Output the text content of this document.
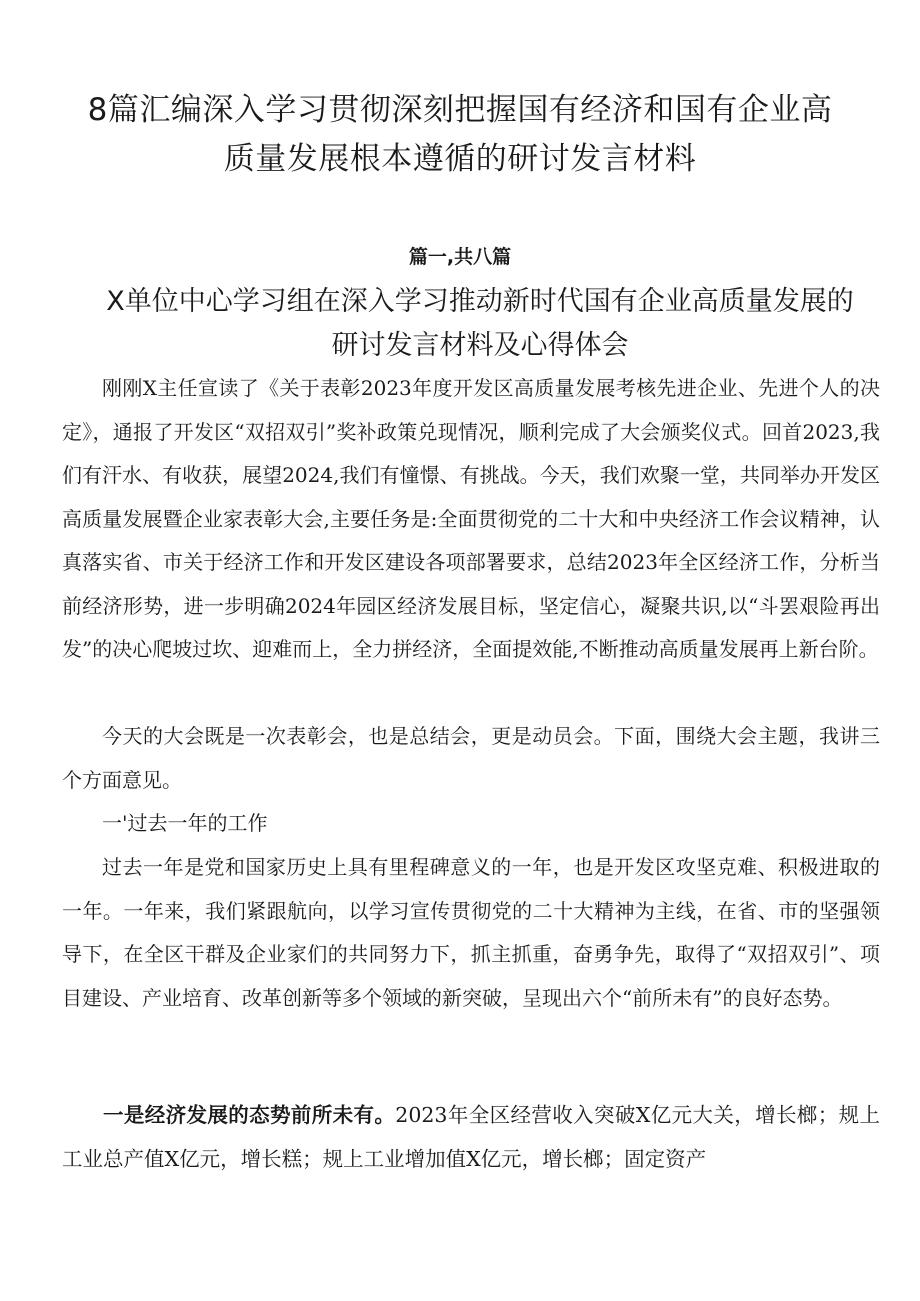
8篇汇编深入学习贯彻深刻把握国有经济和国有企业高
质量发展根本遵循的研讨发言材料
篇一,共八篇
X单位中心学习组在深入学习推动新时代国有企业高质量发展的
研讨发言材料及心得体会

刚刚X主任宣读了《关于表彰2023年度开发区高质量发展考核先进企业、先进个人的决定》，通报了开发区“双招双引”奖补政策兑现情况，顺利完成了大会颁奖仪式。回首2023,我们有汗水、有收获，展望2024,我们有憧憬、有挑战。今天，我们欢聚一堂，共同举办开发区高质量发展暨企业家表彰大会,主要任务是:全面贯彻党的二十大和中央经济工作会议精神，认真落实省、市关于经济工作和开发区建设各项部署要求，总结2023年全区经济工作，分析当前经济形势，进一步明确2024年园区经济发展目标，坚定信心，凝聚共识,以“斗罢艰险再出发”的决心爬坡过坎、迎难而上，全力拼经济，全面提效能,不断推动高质量发展再上新台阶。

今天的大会既是一次表彰会，也是总结会，更是动员会。下面，围绕大会主题，我讲三个方面意见。

一'过去一年的工作

过去一年是党和国家历史上具有里程碑意义的一年，也是开发区攻坚克难、积极进取的一年。一年来，我们紧跟航向，以学习宣传贯彻党的二十大精神为主线，在省、市的坚强领导下，在全区干群及企业家们的共同努力下，抓主抓重，奋勇争先，取得了“双招双引”、项目建设、产业培育、改革创新等多个领域的新突破，呈现出六个“前所未有”的良好态势。

一是经济发展的态势前所未有。2023年全区经营收入突破X亿元大关，增长榔；规上工业总产值X亿元，增长糕；规上工业增加值X亿元，增长榔；固定资产
